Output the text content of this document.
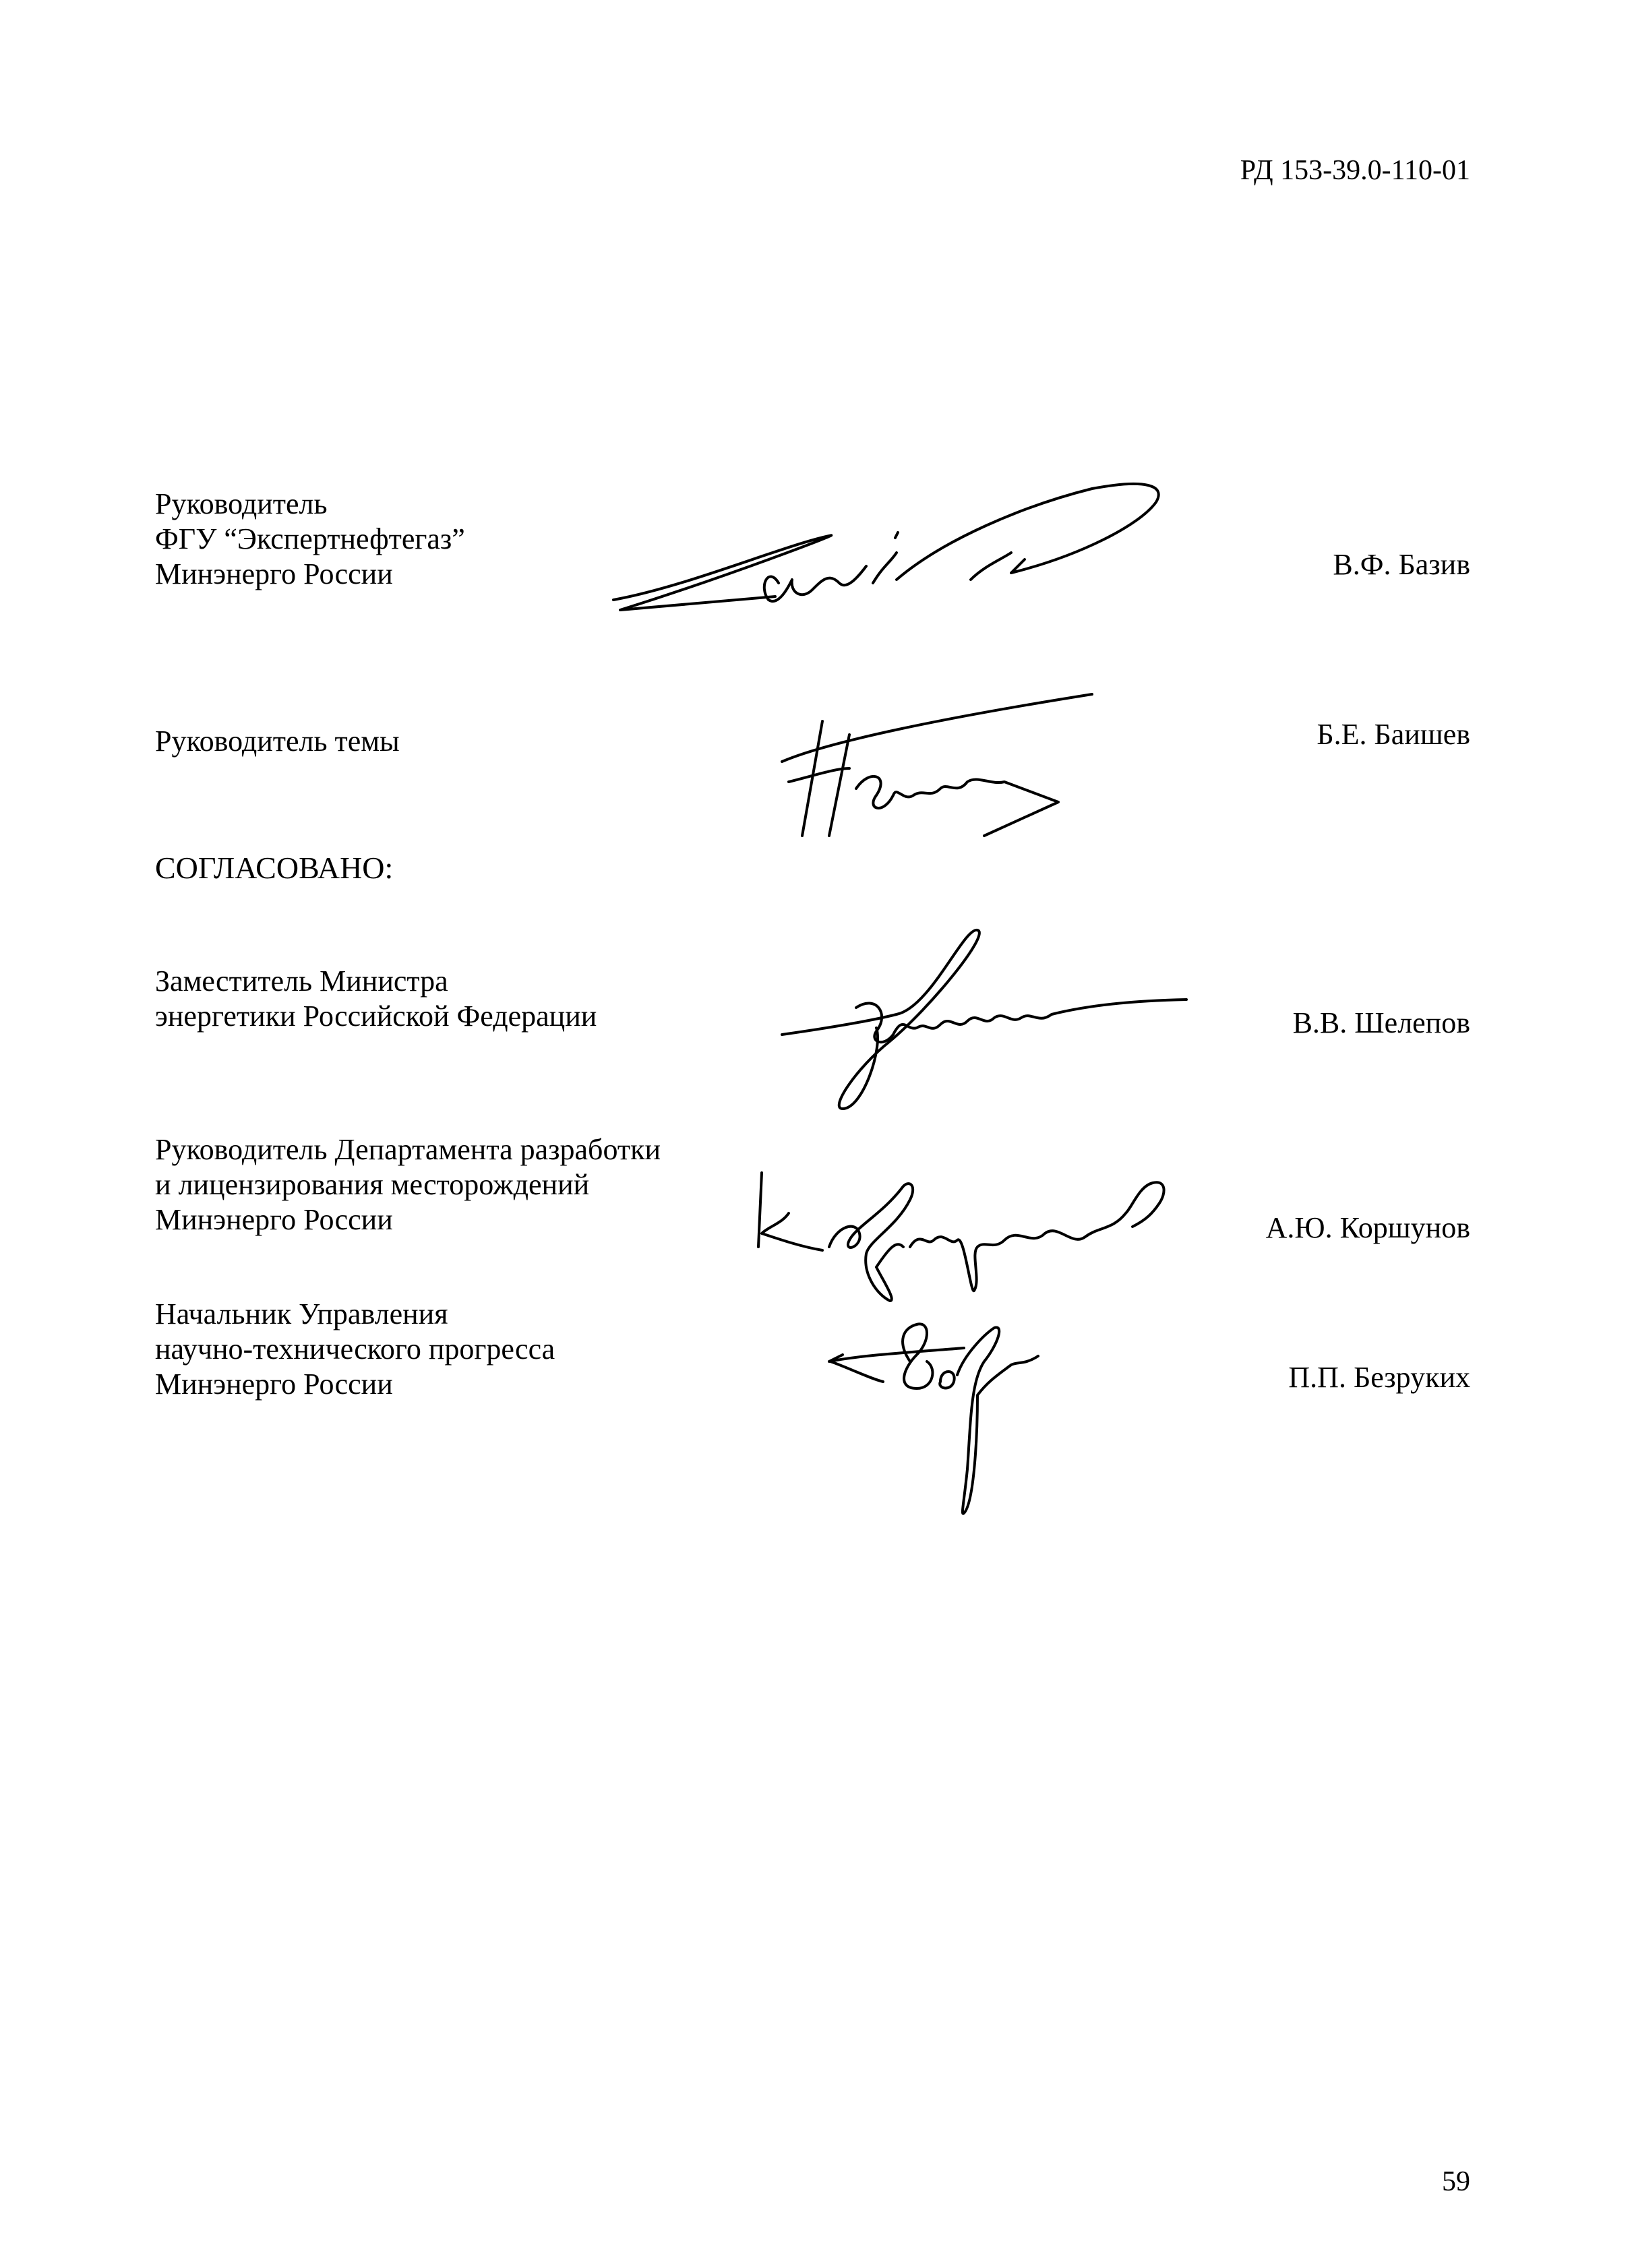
РД 153-39.0-110-01
Руководитель
ФГУ “Экспертнефтегаз”
Минэнерго России	В.Ф. Базив
Руководитель темы	Б.Е. Баишев
СОГЛАСОВАНО:
Заместитель Министра
энергетики Российской Федерации	В.В. Шелепов
Руководитель Департамента разработки
и лицензирования месторождений
Минэнерго России	А.Ю. Коршунов
Начальник Управления
научно-технического прогресса
Минэнерго России	П.П. Безруких
59
